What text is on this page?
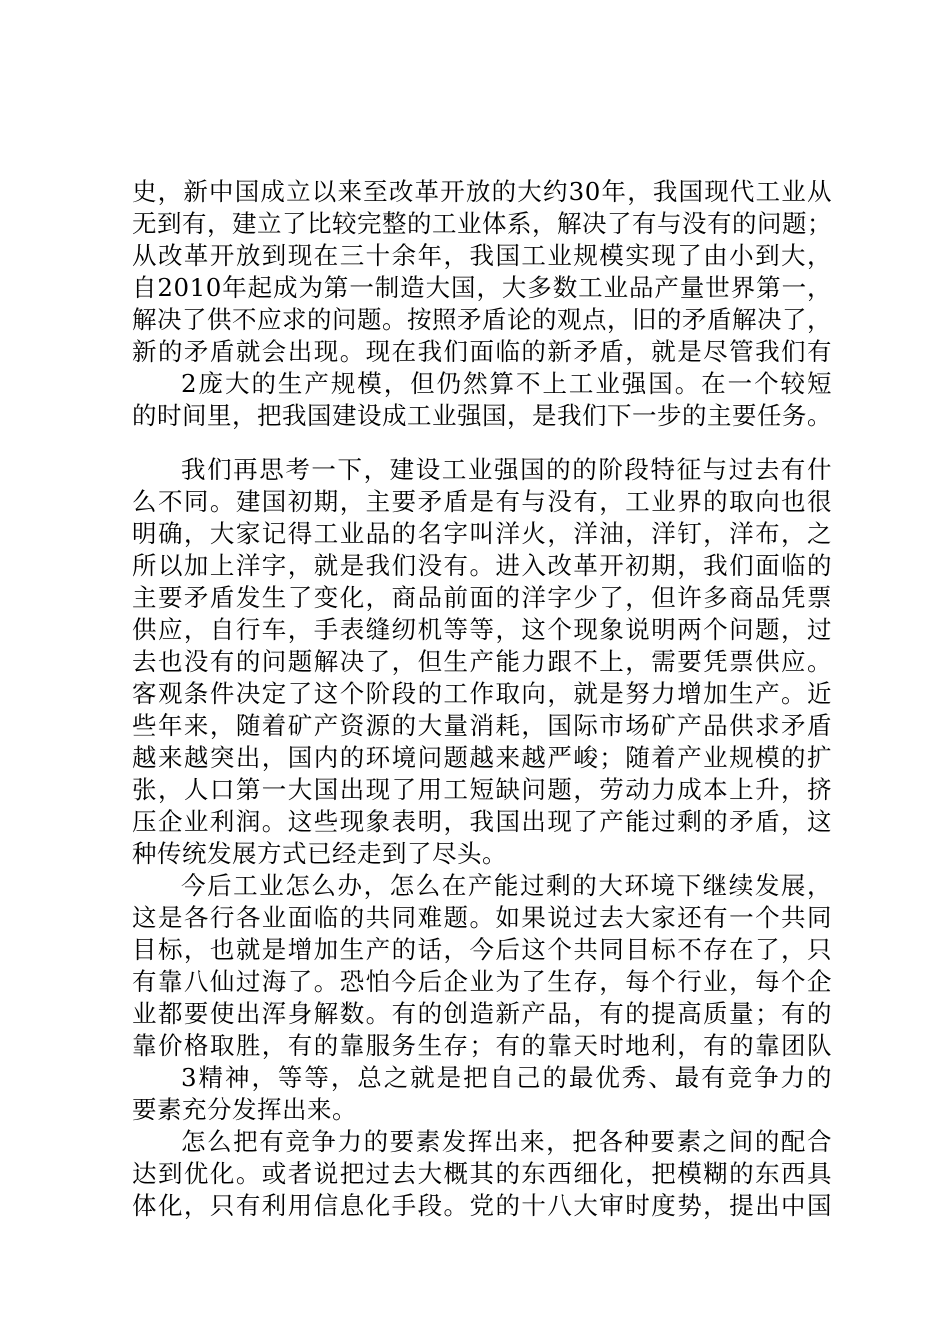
史，新中国成立以来至改革开放的大约30年，我国现代工业从
无到有，建立了比较完整的工业体系，解决了有与没有的问题；
从改革开放到现在三十余年，我国工业规模实现了由小到大，
自2010年起成为第一制造大国，大多数工业品产量世界第一，
解决了供不应求的问题。按照矛盾论的观点，旧的矛盾解决了，
新的矛盾就会出现。现在我们面临的新矛盾，就是尽管我们有
2庞大的生产规模，但仍然算不上工业强国。在一个较短
的时间里，把我国建设成工业强国，是我们下一步的主要任务。
我们再思考一下，建设工业强国的的阶段特征与过去有什
么不同。建国初期，主要矛盾是有与没有，工业界的取向也很
明确，大家记得工业品的名字叫洋火，洋油，洋钉，洋布，之
所以加上洋字，就是我们没有。进入改革开初期，我们面临的
主要矛盾发生了变化，商品前面的洋字少了，但许多商品凭票
供应，自行车，手表缝纫机等等，这个现象说明两个问题，过
去也没有的问题解决了，但生产能力跟不上，需要凭票供应。
客观条件决定了这个阶段的工作取向，就是努力增加生产。近
些年来，随着矿产资源的大量消耗，国际市场矿产品供求矛盾
越来越突出，国内的环境问题越来越严峻；随着产业规模的扩
张，人口第一大国出现了用工短缺问题，劳动力成本上升，挤
压企业利润。这些现象表明，我国出现了产能过剩的矛盾，这
种传统发展方式已经走到了尽头。
今后工业怎么办，怎么在产能过剩的大环境下继续发展，
这是各行各业面临的共同难题。如果说过去大家还有一个共同
目标，也就是增加生产的话，今后这个共同目标不存在了，只
有靠八仙过海了。恐怕今后企业为了生存，每个行业，每个企
业都要使出浑身解数。有的创造新产品，有的提高质量；有的
靠价格取胜，有的靠服务生存；有的靠天时地利，有的靠团队
3精神，等等，总之就是把自己的最优秀、最有竞争力的
要素充分发挥出来。
怎么把有竞争力的要素发挥出来，把各种要素之间的配合
达到优化。或者说把过去大概其的东西细化，把模糊的东西具
体化，只有利用信息化手段。党的十八大审时度势，提出中国
